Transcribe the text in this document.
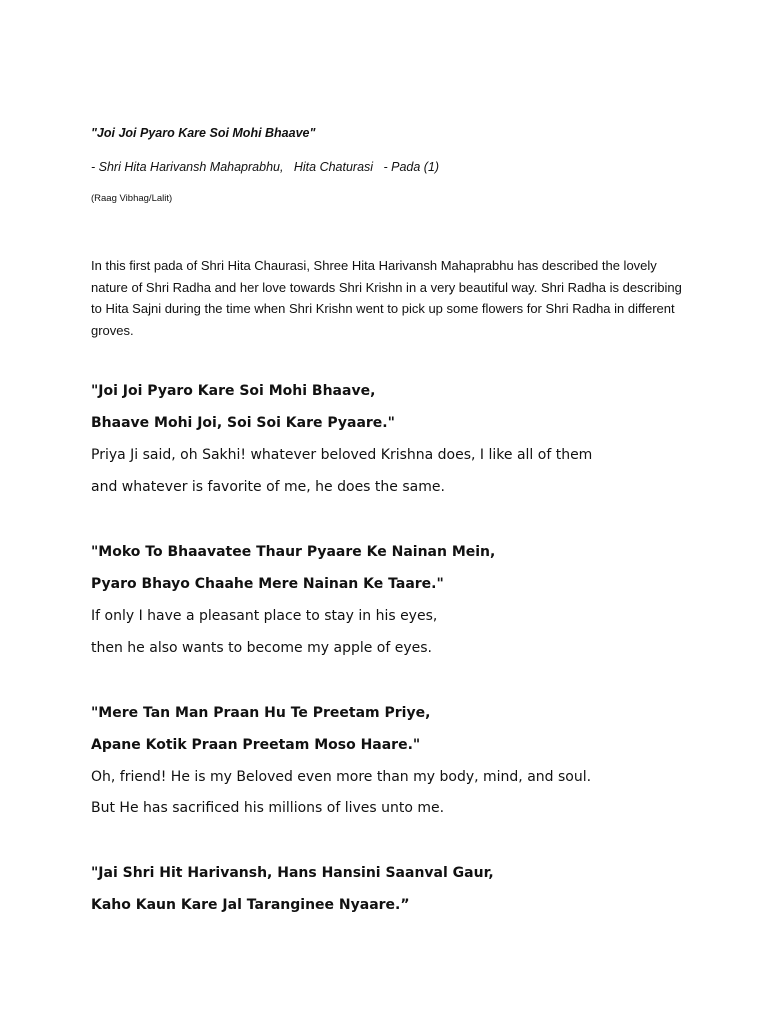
"Joi Joi Pyaro Kare Soi Mohi Bhaave"
- Shri Hita Harivansh Mahaprabhu,   Hita Chaturasi   - Pada (1)
(Raag Vibhag/Lalit)
In this first pada of Shri Hita Chaurasi, Shree Hita Harivansh Mahaprabhu has described the lovely nature of Shri Radha and her love towards Shri Krishn in a very beautiful way. Shri Radha is describing to Hita Sajni during the time when Shri Krishn went to pick up some flowers for Shri Radha in different groves.
"Joi Joi Pyaro Kare Soi Mohi Bhaave,
Bhaave Mohi Joi, Soi Soi Kare Pyaare."
Priya Ji said, oh Sakhi! whatever beloved Krishna does, I like all of them
and whatever is favorite of me, he does the same.
"Moko To Bhaavatee Thaur Pyaare Ke Nainan Mein,
Pyaro Bhayo Chaahe Mere Nainan Ke Taare."
If only I have a pleasant place to stay in his eyes,
then he also wants to become my apple of eyes.
"Mere Tan Man Praan Hu Te Preetam Priye,
Apane Kotik Praan Preetam Moso Haare."
Oh, friend! He is my Beloved even more than my body, mind, and soul.
But He has sacrificed his millions of lives unto me.
"Jai Shri Hit Harivansh, Hans Hansini Saanval Gaur,
Kaho Kaun Kare Jal Taranginee Nyaare.”
